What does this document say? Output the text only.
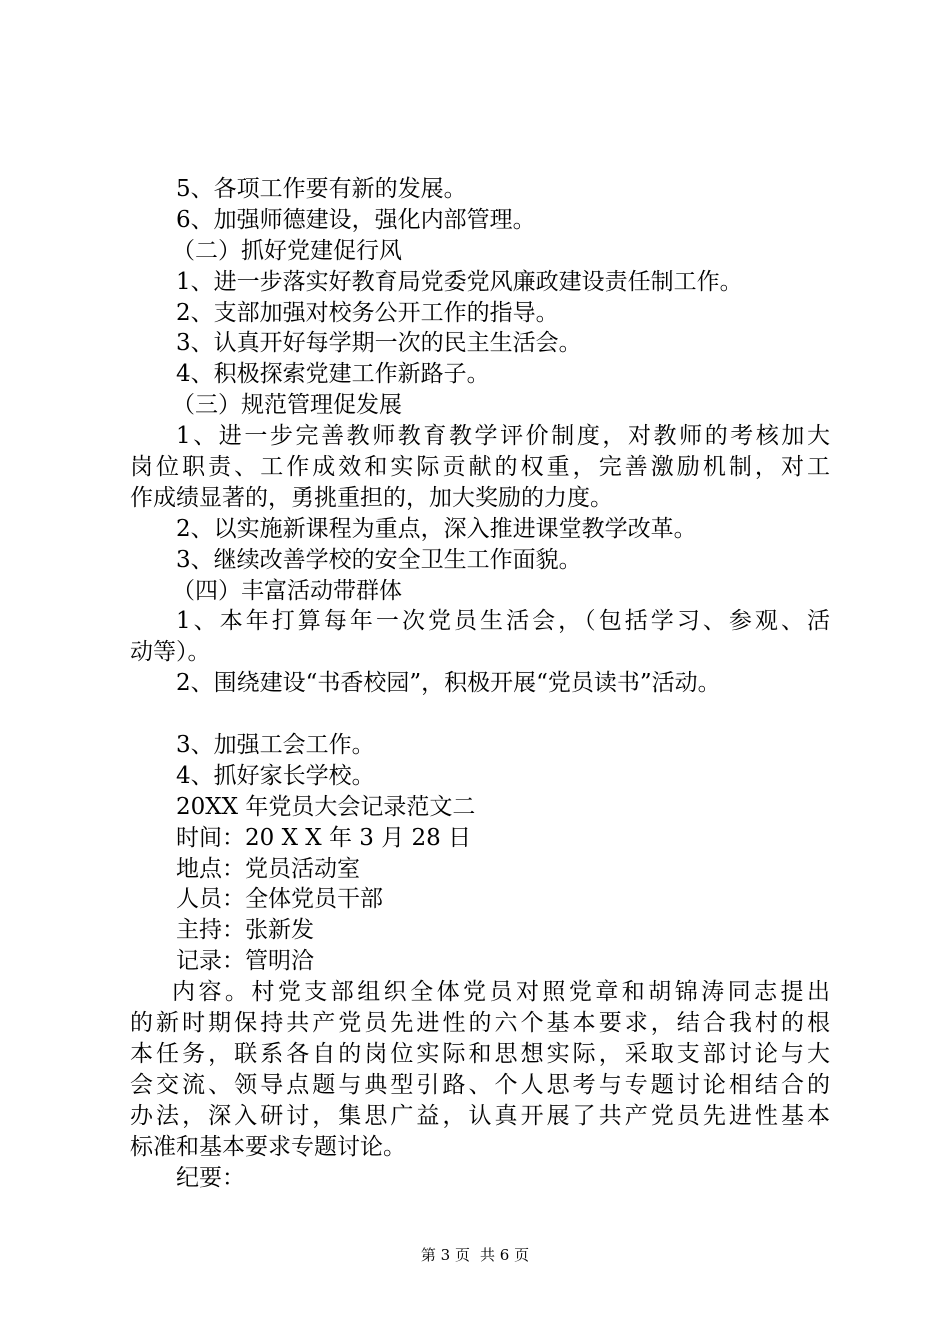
5、各项工作要有新的发展。
6、加强师德建设，强化内部管理。
（二）抓好党建促行风
1、进一步落实好教育局党委党风廉政建设责任制工作。
2、支部加强对校务公开工作的指导。
3、认真开好每学期一次的民主生活会。
4、积极探索党建工作新路子。
（三）规范管理促发展
1、进一步完善教师教育教学评价制度，对教师的考核加大
岗位职责、工作成效和实际贡献的权重，完善激励机制，对工
作成绩显著的，勇挑重担的，加大奖励的力度。
2、以实施新课程为重点，深入推进课堂教学改革。
3、继续改善学校的安全卫生工作面貌。
（四）丰富活动带群体
1、本年打算每年一次党员生活会，（包括学习、参观、活
动等）。
2、围绕建设“书香校园”，积极开展“党员读书”活动。
3、加强工会工作。
4、抓好家长学校。
20XX 年党员大会记录范文二
时间：20 X X 年 3 月 28 日
地点：党员活动室
人员：全体党员干部
主持：张新发
记录：管明洽
内容。村党支部组织全体党员对照党章和胡锦涛同志提出
的新时期保持共产党员先进性的六个基本要求，结合我村的根
本任务，联系各自的岗位实际和思想实际，采取支部讨论与大
会交流、领导点题与典型引路、个人思考与专题讨论相结合的
办法，深入研讨，集思广益，认真开展了共产党员先进性基本
标准和基本要求专题讨论。
纪要：
第 3 页 共 6 页
